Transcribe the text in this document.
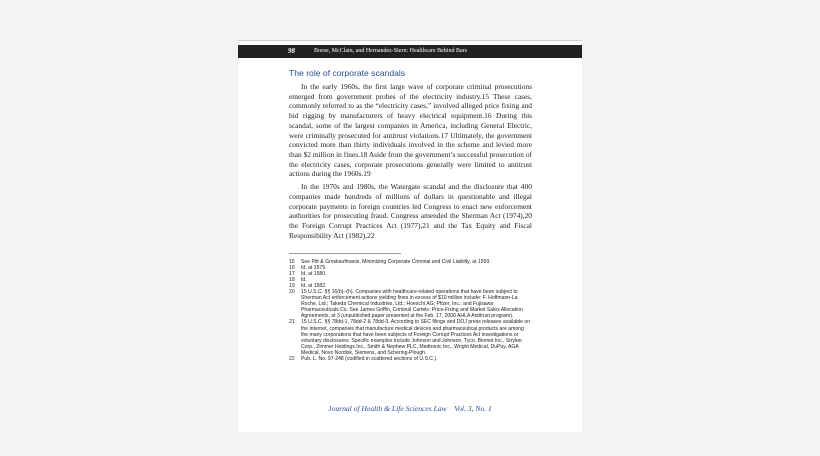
98	Boese, McClain, and Hernandez-Stern: Healthcare Behind Bars
The role of corporate scandals

In the early 1960s, the first large wave of corporate criminal prosecutions emerged from government probes of the electricity industry.15 These cases, commonly referred to as the “electricity cases,” involved alleged price fixing and bid rigging by manufacturers of heavy electrical equipment.16 During this scandal, some of the largest companies in America, including General Electric, were criminally prosecuted for antitrust violations.17 Ultimately, the government convicted more than thirty individuals involved in the scheme and levied more than $2 million in fines.18 Aside from the government’s successful prosecution of the electricity cases, corporate prosecutions generally were limited to antitrust actions during the 1960s.19

In the 1970s and 1980s, the Watergate scandal and the disclosure that 400 companies made hundreds of millions of dollars in questionable and illegal corporate payments in foreign countries led Congress to enact new enforcement authorities for prosecuting fraud. Congress amended the Sherman Act (1974),20 the Foreign Corrupt Practices Act (1977),21 and the Tax Equity and Fiscal Responsibility Act (1982),22

15	See Pitt & Groskaufmanis, Minimizing Corporate Criminal and Civil Liability, at 1559.
16	Id. at 1579.
17	Id. at 1580.
18	Id.
19	Id. at 1582.
20	15 U.S.C. §§ 16(b)–(h). Companies with healthcare-related operations that have been subject to Sherman Act enforcement actions yielding fines in excess of $10 million include: F. Hoffmann-La Roche, Ltd.; Takeda Chemical Industries, Ltd.; Hoescht AG; Pfizer, Inc.; and Fujisawa Pharmaceuticals Co. See James Griffin, Criminal Cartels: Price-Fixing and Market Sales Allocation Agreements, at 3 (unpublished paper presented at the Feb. 17, 2000 AHLA Antitrust program).
21	15 U.S.C. §§ 78dd-1, 78dd-2 & 78dd-3. According to SEC filings and DOJ press releases available on the internet, companies that manufacture medical devices and pharmaceutical products are among the many corporations that have been subjects of Foreign Corrupt Practices Act investigations or voluntary disclosures. Specific examples include Johnson and Johnson, Tyco, Biomet Inc., Stryker Corp., Zimmer Holdings Inc., Smith & Nephew PLC, Medtronic Inc., Wright Medical, DuPuy, AGA Medical, Novo Nordisk, Siemens, and Schering-Plough.
22	Pub. L. No. 97-248 (codified in scattered sections of U.S.C.).
Journal of Health & Life Sciences Law    Vol. 3, No. 1
